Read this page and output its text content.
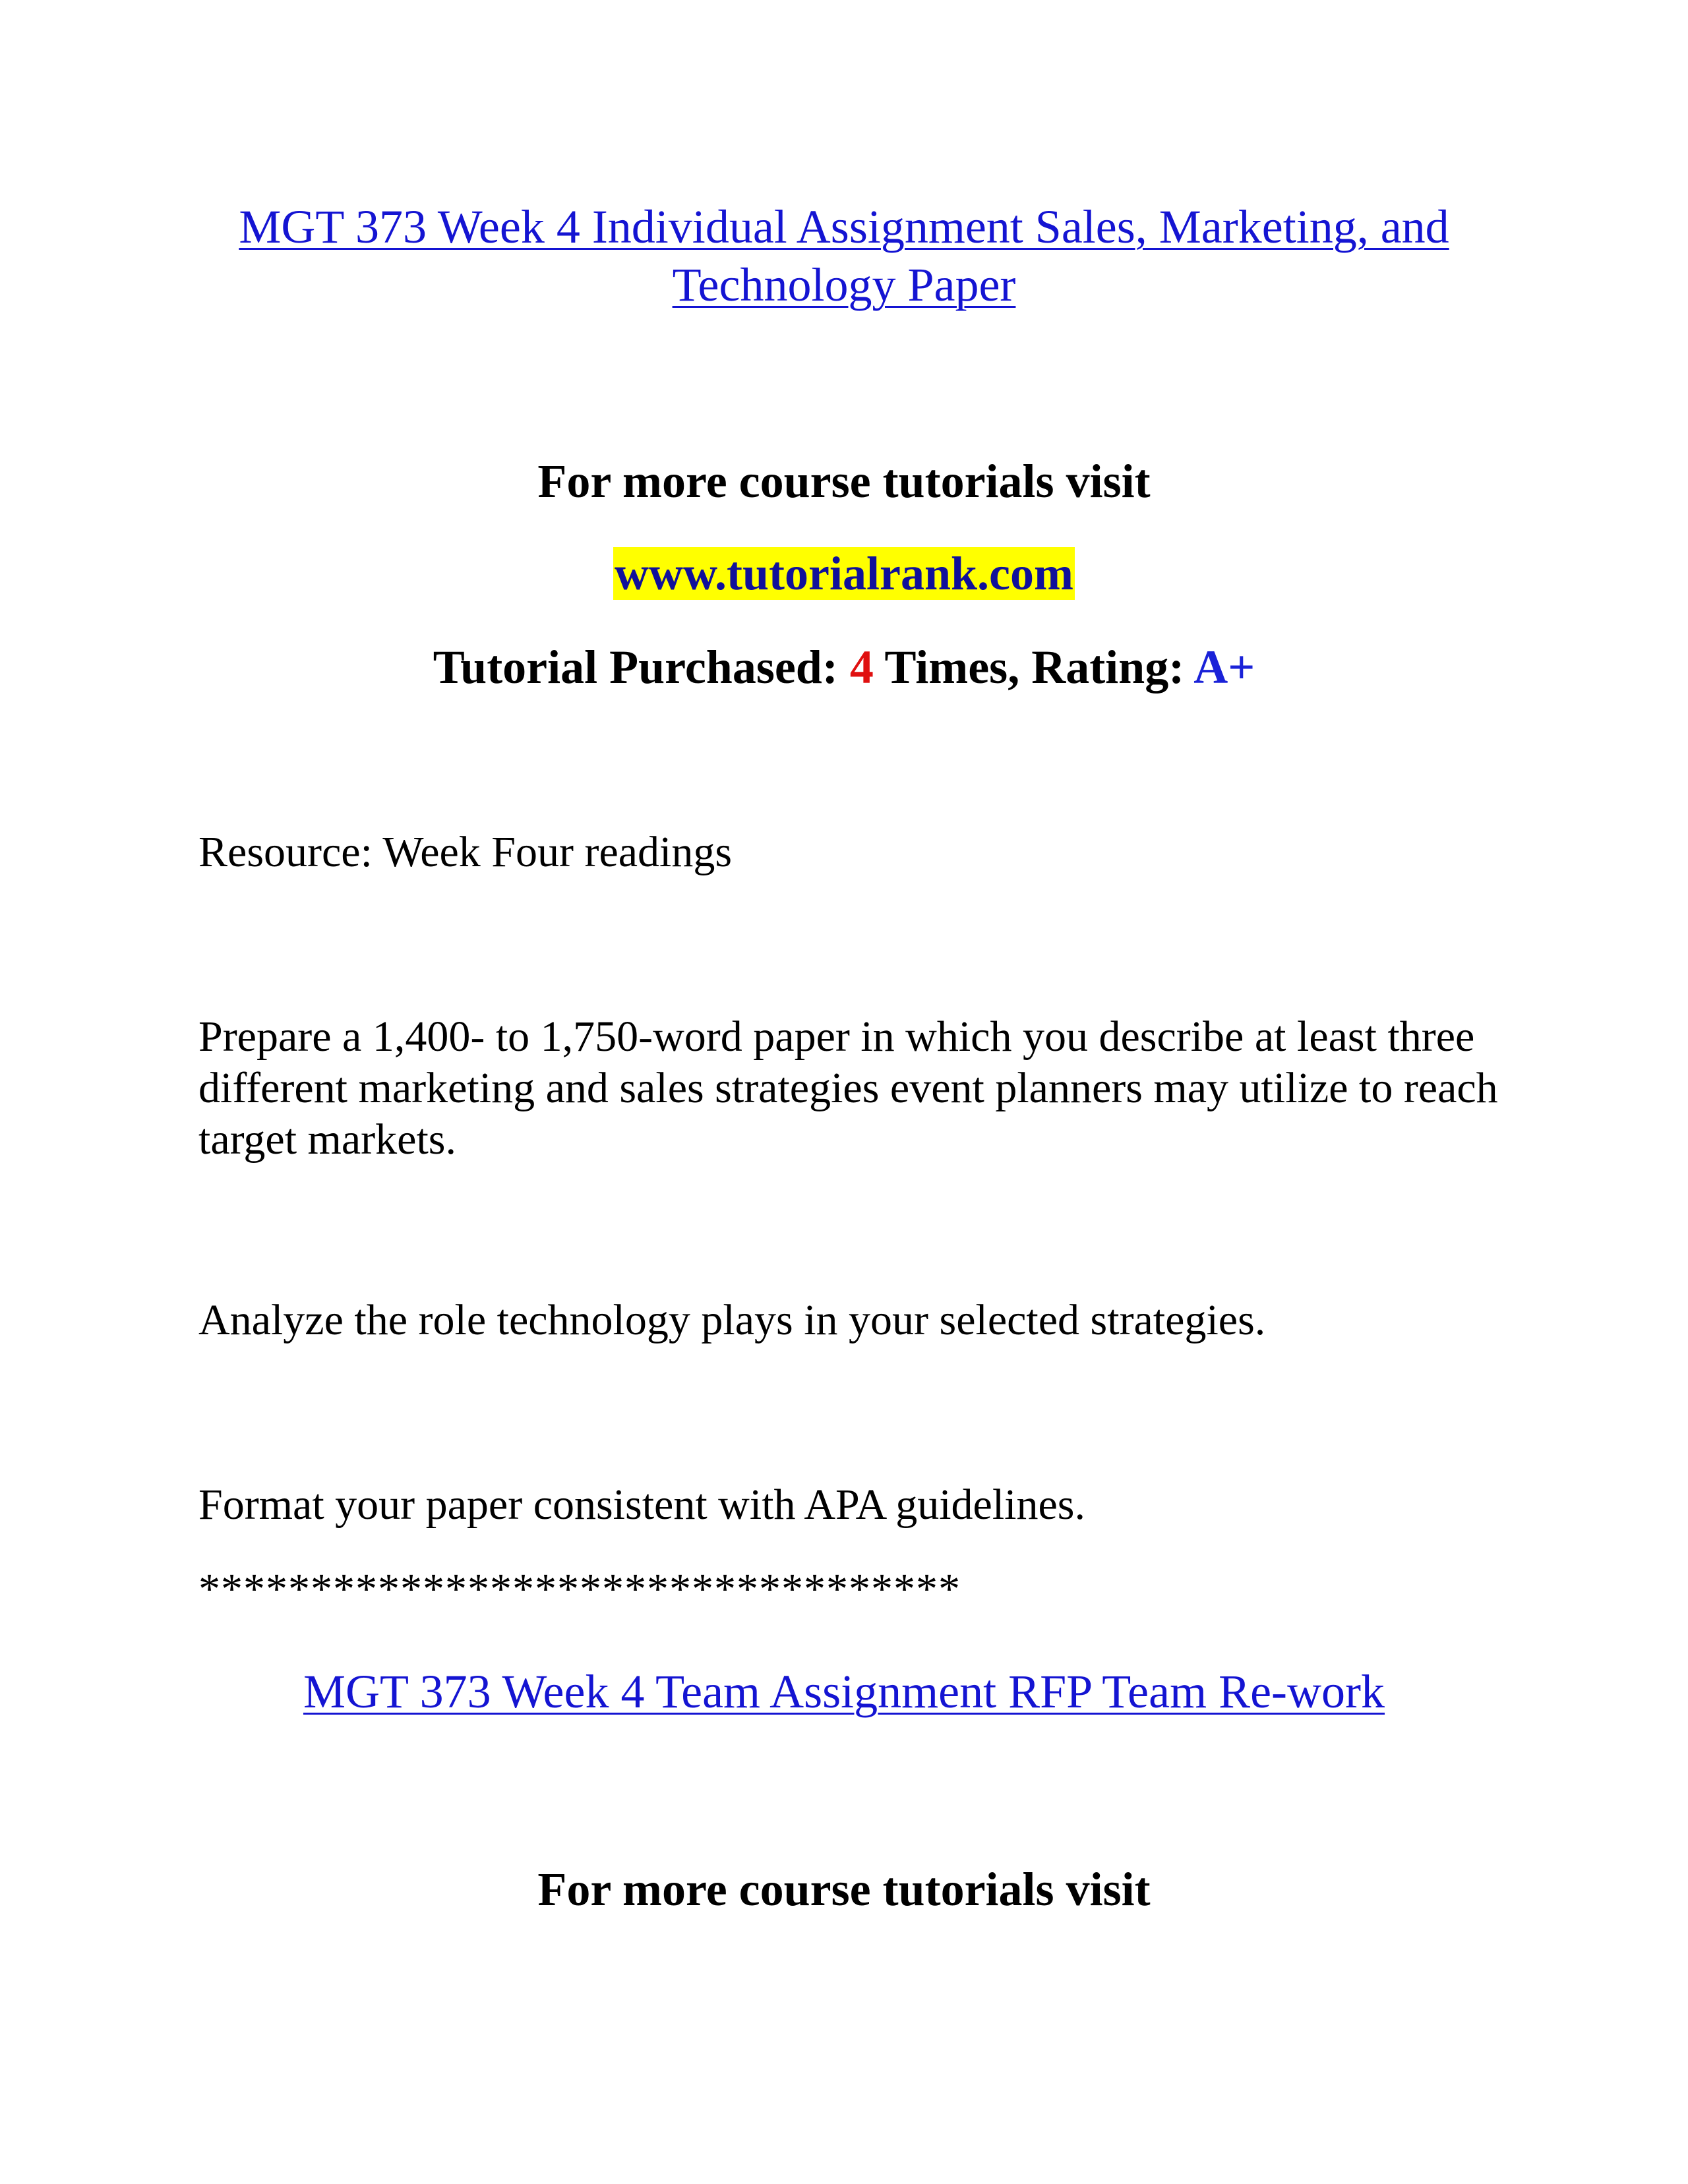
MGT 373 Week 4 Individual Assignment Sales, Marketing, and Technology Paper
For more course tutorials visit
www.tutorialrank.com
Tutorial Purchased: 4 Times, Rating: A+
Resource: Week Four readings
Prepare a 1,400- to 1,750-word paper in which you describe at least three different marketing and sales strategies event planners may utilize to reach target markets.
Analyze the role technology plays in your selected strategies.
Format your paper consistent with APA guidelines.
**********************************
MGT 373 Week 4 Team Assignment RFP Team Re-work
For more course tutorials visit
